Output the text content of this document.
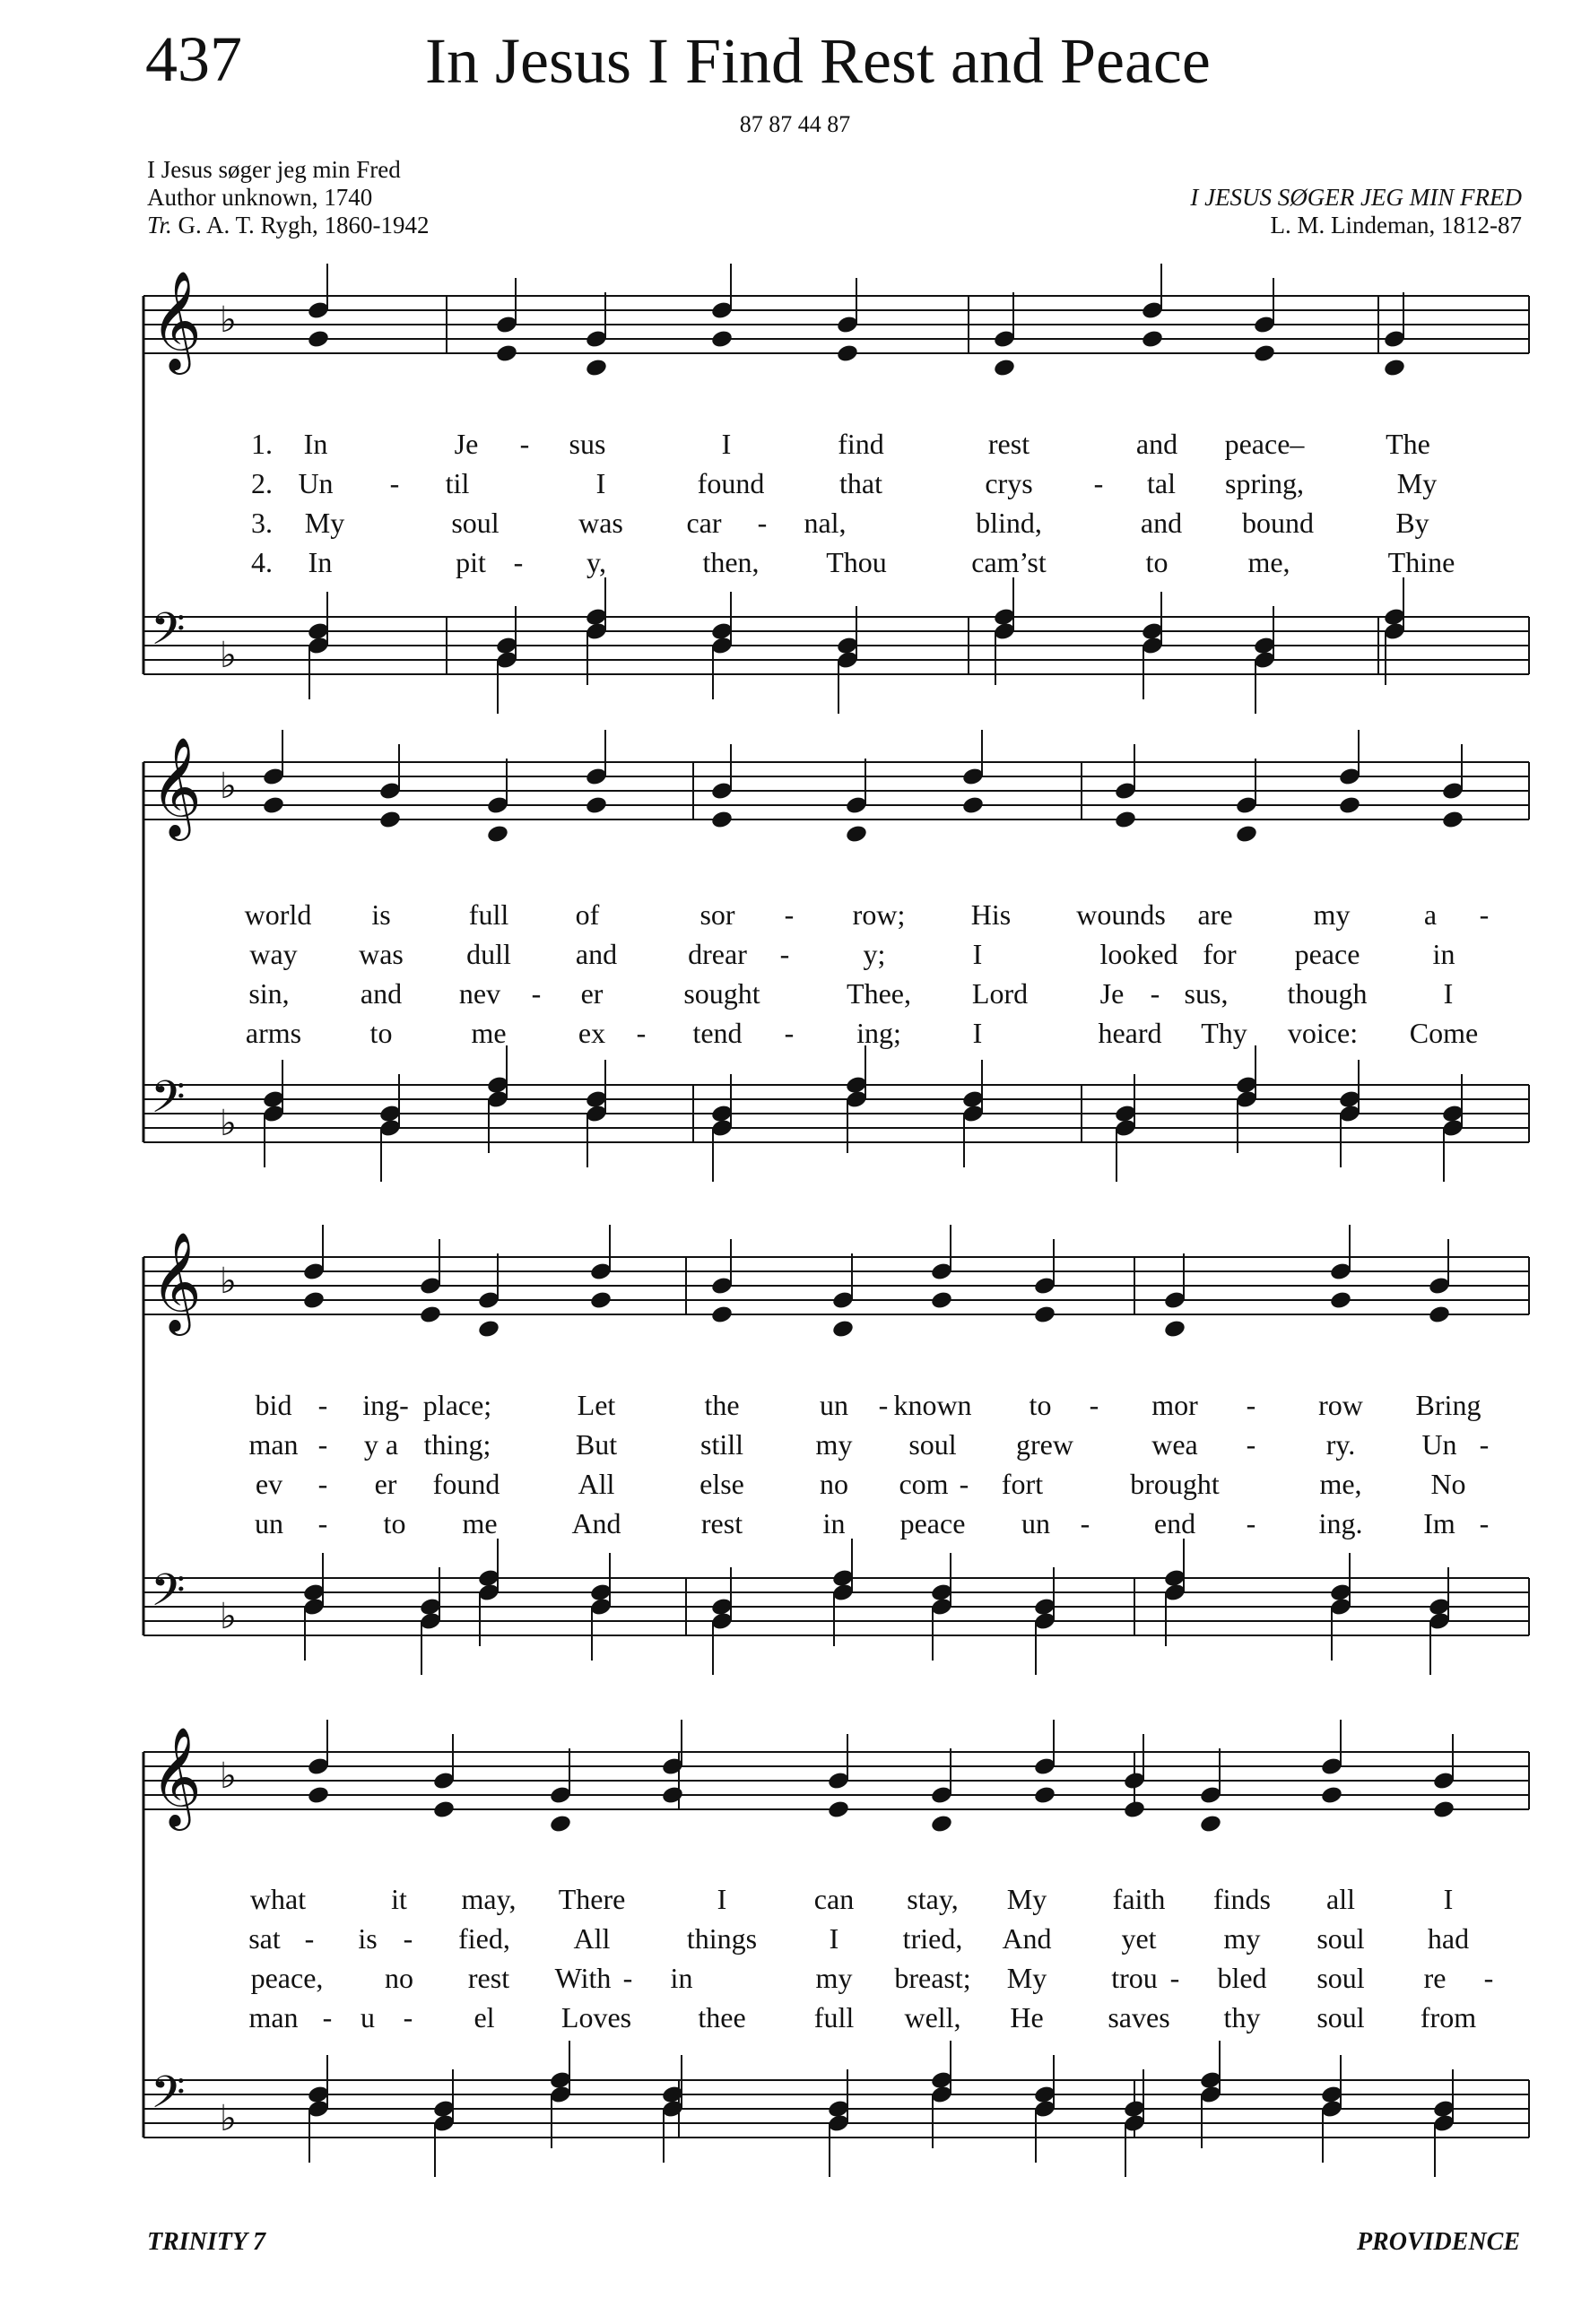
437	In Jesus I Find Rest and Peace
87 87 44 87
I Jesus søger jeg min Fred
Author unknown, 1740
Tr. G. A. T. Rygh, 1860-1942
I JESUS SØGER JEG MIN FRED
L. M. Lindeman, 1812-87
𝄞 ♭
𝄢 ♭
𝄞 ♭
𝄢 ♭
𝄞 ♭
𝄢 ♭
𝄞 ♭
𝄢 ♭
1. In	Je - sus	I	find	rest	and peace–	The
2. Un - til	I	found	that	crys - tal spring,	My
3. My	soul	was car - nal,	blind,	and bound	By
4. In	pit - y,	then, Thou	cam’st	to	me,	Thine
world is	full of	sor - row; His wounds are	my	a -
way was dull and drear -	y;	I	looked for peace	in
sin, and nev - er	sought	Thee, Lord	Je - sus, though	I
arms to	me	ex - tend - ing; I	heard Thy voice: Come
bid - ing- place;	Let	the	un - known to - mor - row Bring
man - y a thing;	But	still	my soul grew	wea - ry. Un -
ev - er found	All	else	no com - fort	brought	me, No
un - to me	And	rest	in peace un - end - ing. Im -
what	it may, There	I	can stay, My faith finds all	I
sat - is - fied, All	things	I tried, And yet my soul had
peace, no rest With - in	my breast; My trou - bled soul re -
man - u - el Loves thee full well, He saves thy soul from
TRINITY 7	PROVIDENCE
